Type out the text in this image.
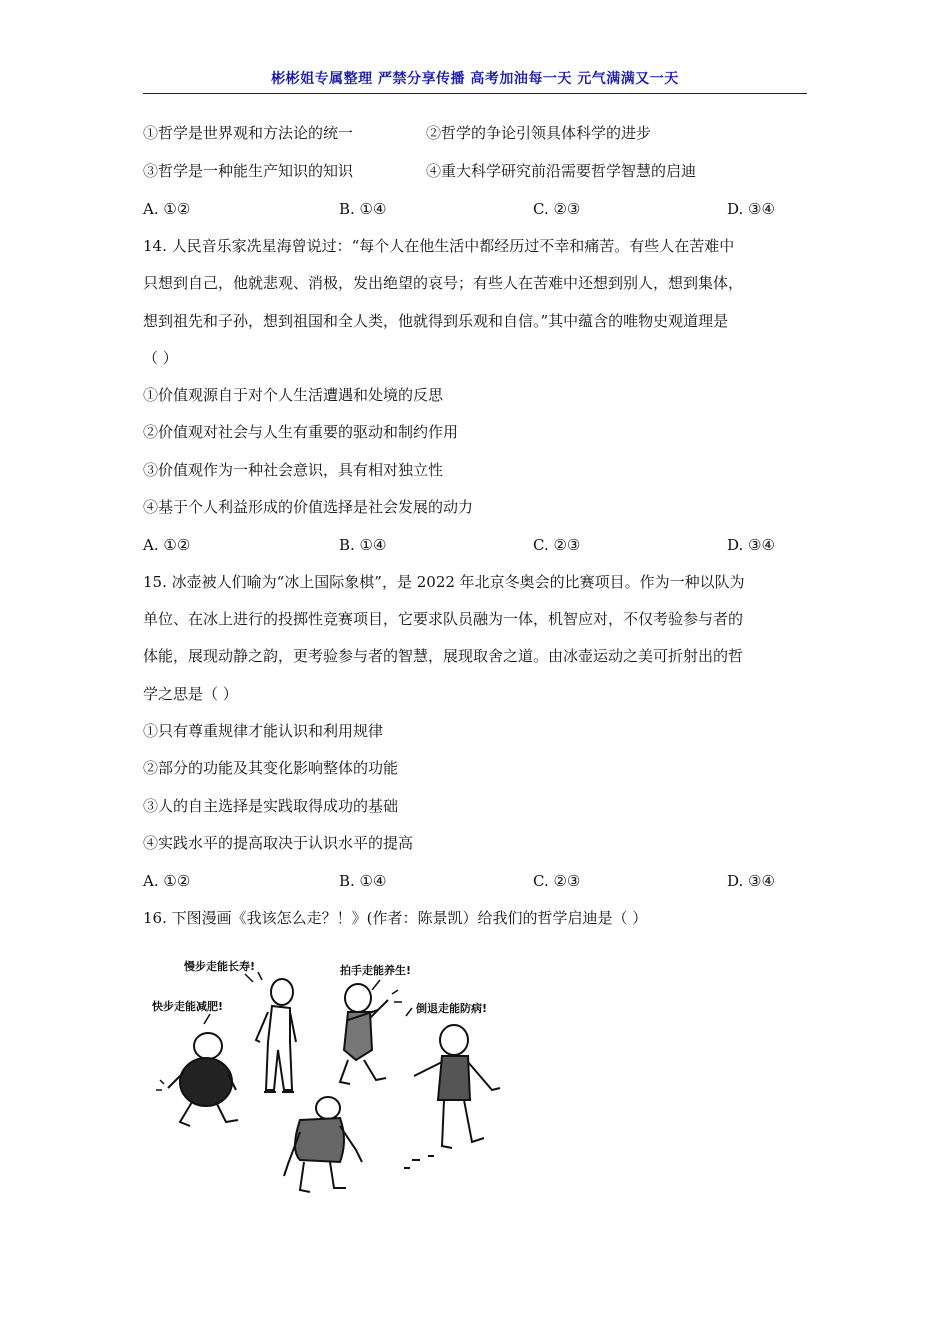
彬彬姐专属整理 严禁分享传播 高考加油每一天 元气满满又一天
①哲学是世界观和方法论的统一	②哲学的争论引领具体科学的进步
③哲学是一种能生产知识的知识	④重大科学研究前沿需要哲学智慧的启迪
A. ①②	B. ①④	C. ②③	D. ③④
14. 人民音乐家冼星海曾说过：“每个人在他生活中都经历过不幸和痛苦。有些人在苦难中
只想到自己，他就悲观、消极，发出绝望的哀号；有些人在苦难中还想到别人，想到集体，
想到祖先和子孙，想到祖国和全人类，他就得到乐观和自信。”其中蕴含的唯物史观道理是
（ ）
①价值观源自于对个人生活遭遇和处境的反思
②价值观对社会与人生有重要的驱动和制约作用
③价值观作为一种社会意识，具有相对独立性
④基于个人利益形成的价值选择是社会发展的动力
A. ①②	B. ①④	C. ②③	D. ③④
15. 冰壶被人们喻为“冰上国际象棋”，是 2022 年北京冬奥会的比赛项目。作为一种以队为
单位、在冰上进行的投掷性竞赛项目，它要求队员融为一体，机智应对，不仅考验参与者的
体能，展现动静之韵，更考验参与者的智慧，展现取舍之道。由冰壶运动之美可折射出的哲
学之思是（ ）
①只有尊重规律才能认识和利用规律
②部分的功能及其变化影响整体的功能
③人的自主选择是实践取得成功的基础
④实践水平的提高取决于认识水平的提高
A. ①②	B. ①④	C. ②③	D. ③④
16. 下图漫画《我该怎么走？！》(作者：陈景凯）给我们的哲学启迪是（ ）
慢步走能长寿!	拍手走能养生!
快步走能减肥!	倒退走能防病!
